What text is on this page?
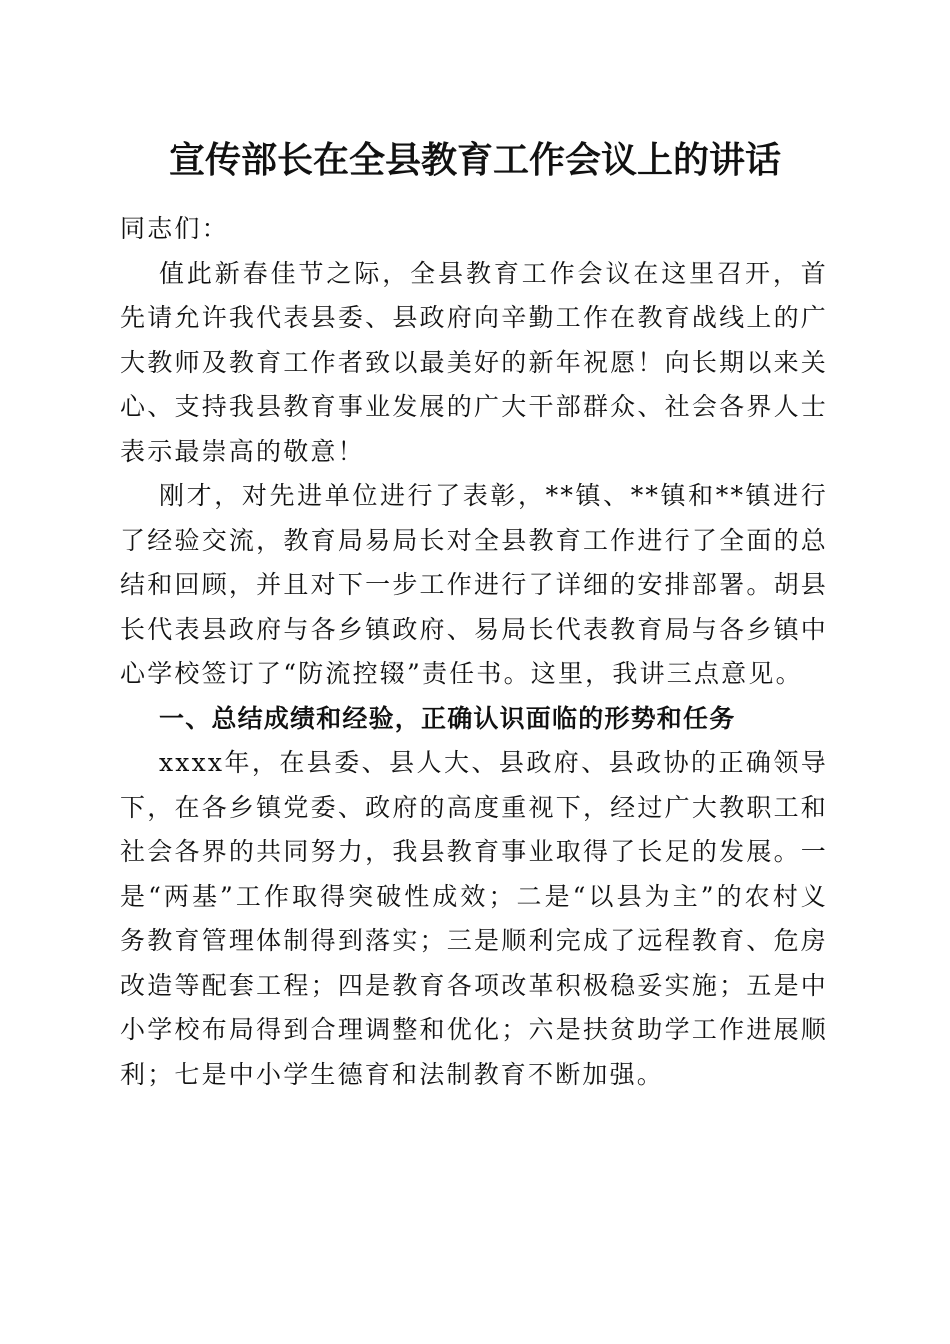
宣传部长在全县教育工作会议上的讲话

同志们：

值此新春佳节之际，全县教育工作会议在这里召开，首先请允许我代表县委、县政府向辛勤工作在教育战线上的广大教师及教育工作者致以最美好的新年祝愿！向长期以来关心、支持我县教育事业发展的广大干部群众、社会各界人士表示最崇高的敬意！

刚才，对先进单位进行了表彰，**镇、**镇和**镇进行了经验交流，教育局易局长对全县教育工作进行了全面的总结和回顾，并且对下一步工作进行了详细的安排部署。胡县长代表县政府与各乡镇政府、易局长代表教育局与各乡镇中心学校签订了“防流控辍”责任书。这里，我讲三点意见。

一、总结成绩和经验，正确认识面临的形势和任务

xxxx年，在县委、县人大、县政府、县政协的正确领导下，在各乡镇党委、政府的高度重视下，经过广大教职工和社会各界的共同努力，我县教育事业取得了长足的发展。一是“两基”工作取得突破性成效；二是“以县为主”的农村义务教育管理体制得到落实；三是顺利完成了远程教育、危房改造等配套工程；四是教育各项改革积极稳妥实施；五是中小学校布局得到合理调整和优化；六是扶贫助学工作进展顺利；七是中小学生德育和法制教育不断加强。
